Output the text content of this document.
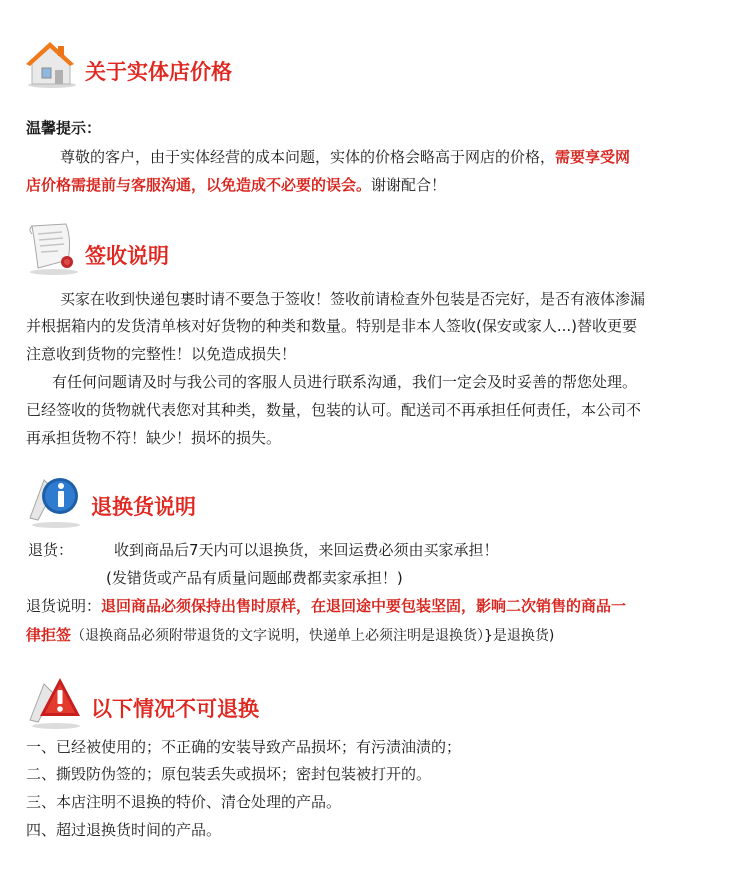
关于实体店价格
温馨提示：
尊敬的客户，由于实体经营的成本问题，实体的价格会略高于网店的价格，需要享受网
店价格需提前与客服沟通，以免造成不必要的误会。谢谢配合！
签收说明
买家在收到快递包裹时请不要急于签收！签收前请检查外包装是否完好，是否有液体渗漏
并根据箱内的发货清单核对好货物的种类和数量。特别是非本人签收(保安或家人...)替收更要
注意收到货物的完整性！以免造成损失！
有任何问题请及时与我公司的客服人员进行联系沟通，我们一定会及时妥善的帮您处理。
已经签收的货物就代表您对其种类，数量，包装的认可。配送司不再承担任何责任，本公司不
再承担货物不符！缺少！损坏的损失。
退换货说明
退货：	收到商品后7天内可以退换货，来回运费必须由买家承担！
(发错货或产品有质量问题邮费都卖家承担！)
退货说明：退回商品必须保持出售时原样，在退回途中要包装坚固，影响二次销售的商品一
律拒签（退换商品必须附带退货的文字说明，快递单上必须注明是退换货）}是退换货)
以下情况不可退换
一、已经被使用的；不正确的安装导致产品损坏；有污渍油渍的；
二、撕毁防伪签的；原包装丢失或损坏；密封包装被打开的。
三、本店注明不退换的特价、清仓处理的产品。
四、超过退换货时间的产品。
